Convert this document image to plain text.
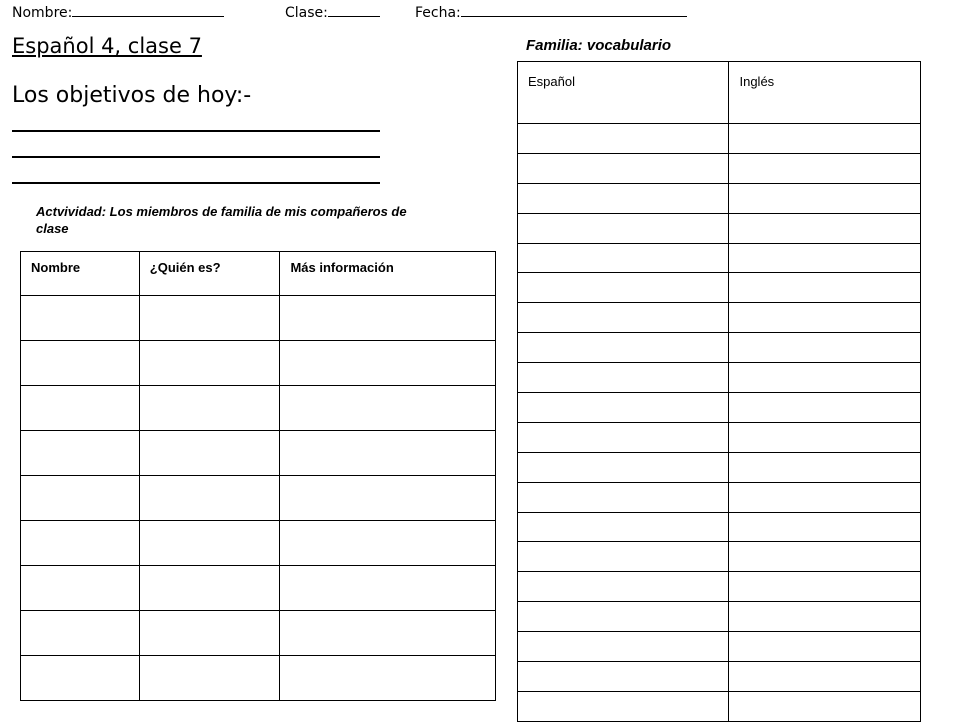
Nombre:	Clase:	Fecha:
Español 4, clase 7
Los objetivos de hoy:-
Actvividad: Los miembros de familia de mis compañeros de clase
Nombre	¿Quién es?	Más información

Familia: vocabulario
Español	Inglés
